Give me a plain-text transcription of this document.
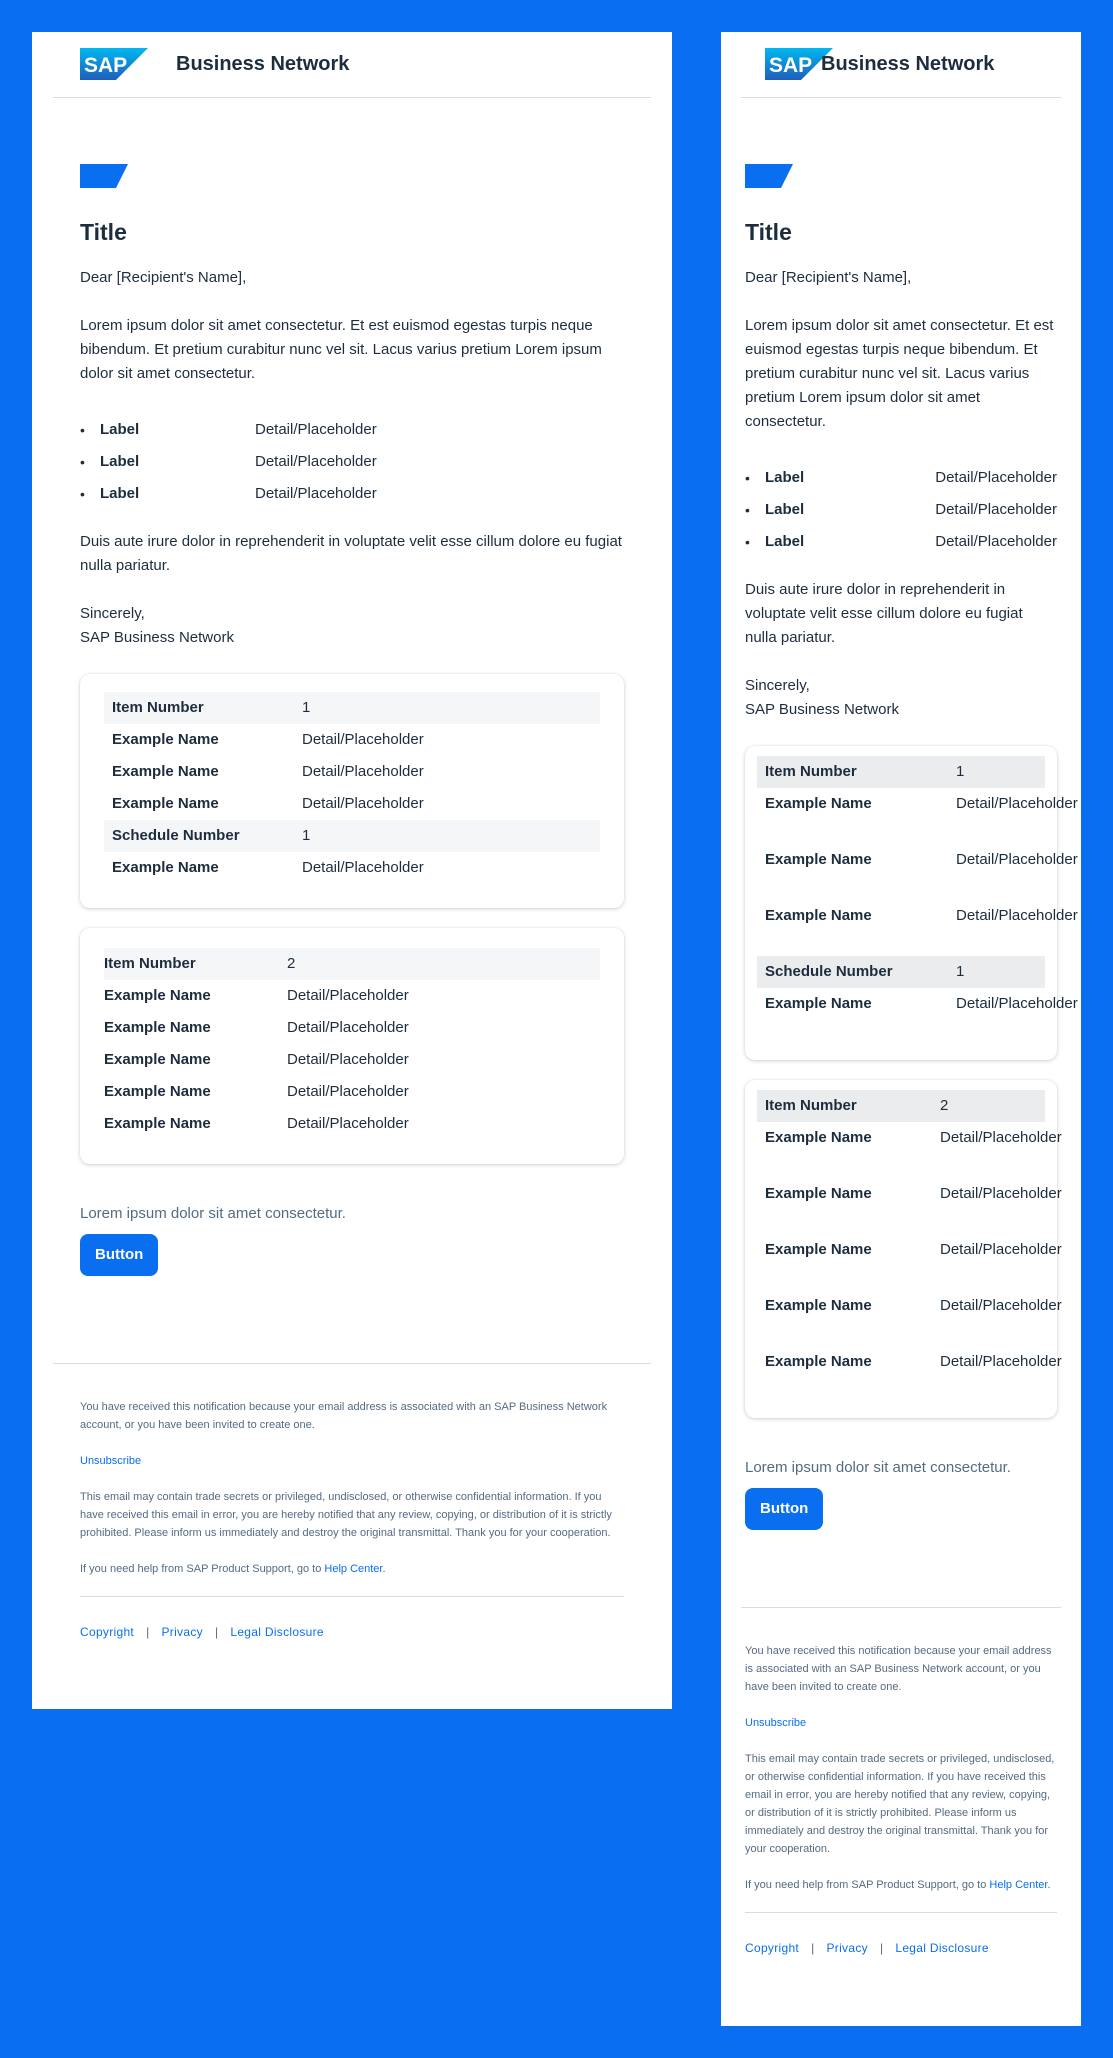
SAP Business Network
Title
Dear [Recipient's Name],
Lorem ipsum dolor sit amet consectetur. Et est euismod egestas turpis neque bibendum. Et pretium curabitur nunc vel sit. Lacus varius pretium Lorem ipsum dolor sit amet consectetur.
• Label	Detail/Placeholder
• Label	Detail/Placeholder
• Label	Detail/Placeholder
Duis aute irure dolor in reprehenderit in voluptate velit esse cillum dolore eu fugiat nulla pariatur.
Sincerely,
SAP Business Network
Item Number	1
Example Name	Detail/Placeholder
Example Name	Detail/Placeholder
Example Name	Detail/Placeholder
Schedule Number	1
Example Name	Detail/Placeholder
Item Number	2
Example Name	Detail/Placeholder
Example Name	Detail/Placeholder
Example Name	Detail/Placeholder
Example Name	Detail/Placeholder
Example Name	Detail/Placeholder
Lorem ipsum dolor sit amet consectetur.
Button

You have received this notification because your email address is associated with an SAP Business Network account, or you have been invited to create one.

Unsubscribe

This email may contain trade secrets or privileged, undisclosed, or otherwise confidential information. If you have received this email in error, you are hereby notified that any review, copying, or distribution of it is strictly prohibited. Please inform us immediately and destroy the original transmittal. Thank you for your cooperation.

If you need help from SAP Product Support, go to Help Center.

Copyright | Privacy | Legal Disclosure
SAP Business Network
Title
Dear [Recipient's Name],
Lorem ipsum dolor sit amet consectetur. Et est euismod egestas turpis neque bibendum. Et pretium curabitur nunc vel sit. Lacus varius pretium Lorem ipsum dolor sit amet consectetur.
• Label	Detail/Placeholder
• Label	Detail/Placeholder
• Label	Detail/Placeholder
Duis aute irure dolor in reprehenderit in voluptate velit esse cillum dolore eu fugiat nulla pariatur.
Sincerely,
SAP Business Network
Item Number	1
Example Name	Detail/Placeholder
Example Name	Detail/Placeholder
Example Name	Detail/Placeholder
Schedule Number	1
Example Name	Detail/Placeholder
Item Number	2
Example Name	Detail/Placeholder
Example Name	Detail/Placeholder
Example Name	Detail/Placeholder
Example Name	Detail/Placeholder
Example Name	Detail/Placeholder
Lorem ipsum dolor sit amet consectetur.
Button

You have received this notification because your email address is associated with an SAP Business Network account, or you have been invited to create one.

Unsubscribe

This email may contain trade secrets or privileged, undisclosed, or otherwise confidential information. If you have received this email in error, you are hereby notified that any review, copying, or distribution of it is strictly prohibited. Please inform us immediately and destroy the original transmittal. Thank you for your cooperation.

If you need help from SAP Product Support, go to Help Center.

Copyright | Privacy | Legal Disclosure
